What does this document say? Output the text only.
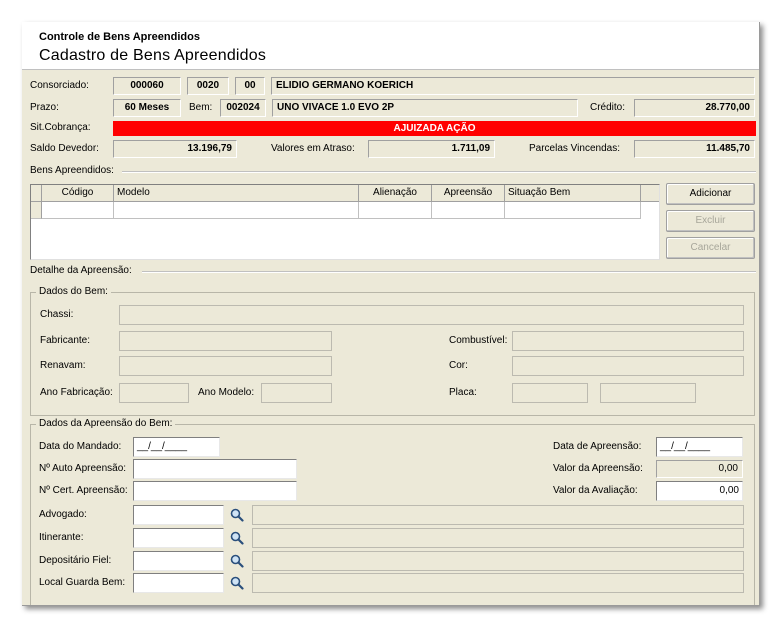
Controle de Bens Apreendidos
Cadastro de Bens Apreendidos
Consorciado:	000060	0020	00	ELIDIO GERMANO KOERICH
Prazo:	60 Meses	Bem:	002024	UNO VIVACE 1.0 EVO 2P	Crédito:	28.770,00
Sit.Cobrança:	AJUIZADA AÇÃO
Saldo Devedor:	13.196,79	Valores em Atraso:	1.711,09	Parcelas Vincendas:	11.485,70
Bens Apreendidos:
Código	Modelo	Alienação	Apreensão	Situação Bem	Adicionar
Excluir
Cancelar
Detalhe da Apreensão:
Dados do Bem:
Chassi:
Fabricante:	Combustível:
Renavam:	Cor:
Ano Fabricação:	Ano Modelo:	Placa:
Dados da Apreensão do Bem:
Data do Mandado:	__/__/____	Data de Apreensão:	__/__/____
Nº Auto Apreensão:	Valor da Apreensão:	0,00
Nº Cert. Apreensão:	Valor da Avaliação:	0,00
Advogado:
Itinerante:
Depositário Fiel:
Local Guarda Bem:
